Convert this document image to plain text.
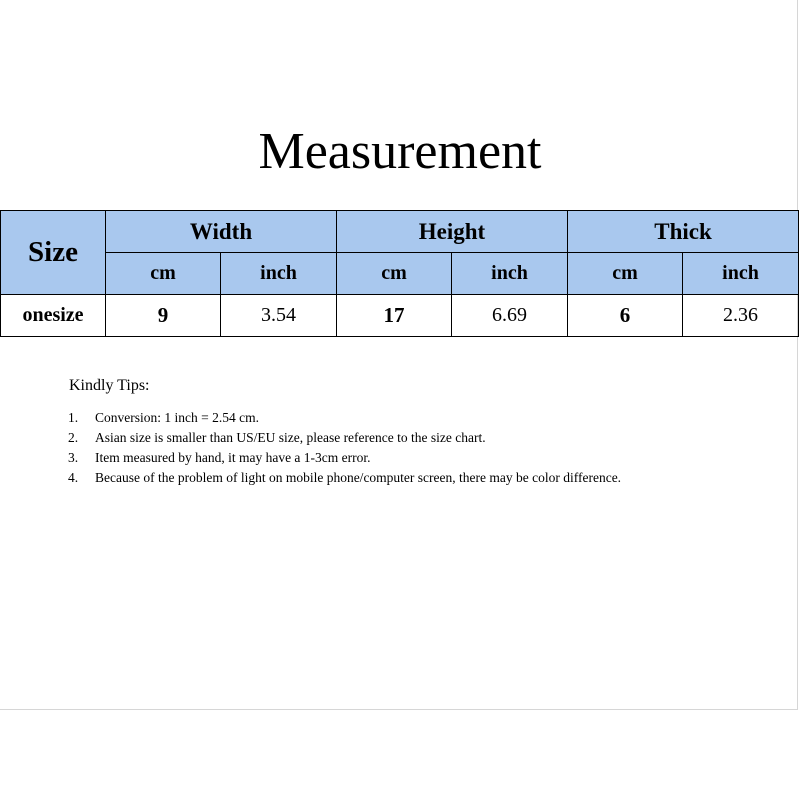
Measurement
Size	Width		Height		Thick	
	cm	inch	cm	inch	cm	inch
onesize	9	3.54	17	6.69	6	2.36

Kindly Tips:

1. Conversion: 1 inch = 2.54 cm.
2. Asian size is smaller than US/EU size, please reference to the size chart.
3. Item measured by hand, it may have a 1-3cm error.
4. Because of the problem of light on mobile phone/computer screen, there may be color difference.
